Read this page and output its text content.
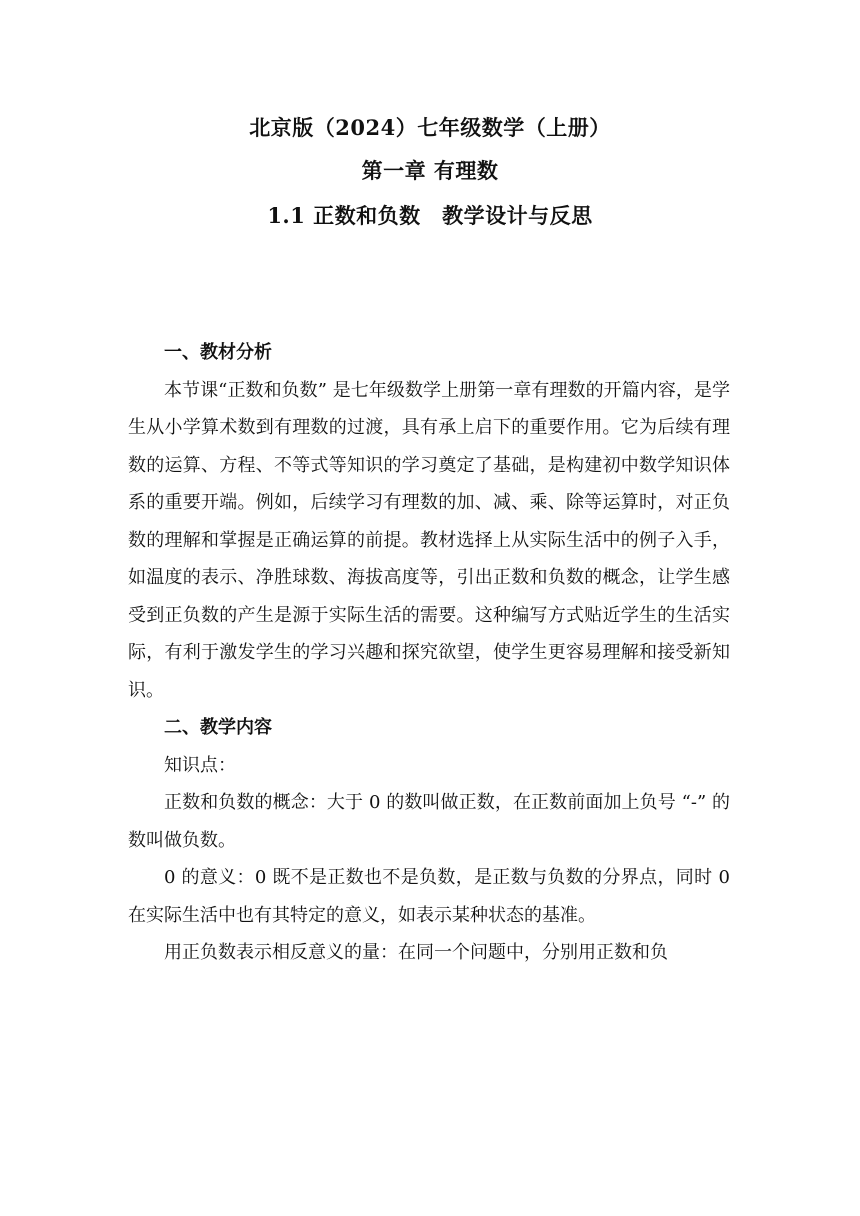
北京版（2024）七年级数学（上册）
第一章 有理数
1.1 正数和负数　教学设计与反思

一、教材分析

本节课“正数和负数” 是七年级数学上册第一章有理数的开篇内容，是学生从小学算术数到有理数的过渡，具有承上启下的重要作用。它为后续有理数的运算、方程、不等式等知识的学习奠定了基础，是构建初中数学知识体系的重要开端。例如，后续学习有理数的加、减、乘、除等运算时，对正负数的理解和掌握是正确运算的前提。教材选择上从实际生活中的例子入手，如温度的表示、净胜球数、海拔高度等，引出正数和负数的概念，让学生感受到正负数的产生是源于实际生活的需要。这种编写方式贴近学生的生活实际，有利于激发学生的学习兴趣和探究欲望，使学生更容易理解和接受新知识。

二、教学内容

知识点：

正数和负数的概念：大于 0 的数叫做正数，在正数前面加上负号 “-” 的数叫做负数。

0 的意义：0 既不是正数也不是负数，是正数与负数的分界点，同时 0 在实际生活中也有其特定的意义，如表示某种状态的基准。

用正负数表示相反意义的量：在同一个问题中，分别用正数和负
